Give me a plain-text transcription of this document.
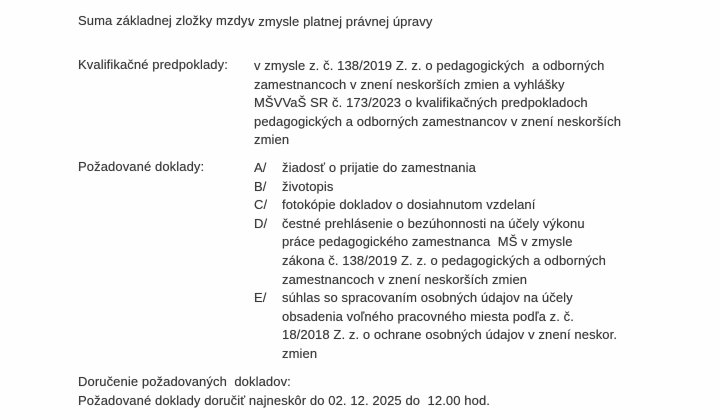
Suma základnej zložky mzdy:
v zmysle platnej právnej úpravy
Kvalifikačné predpoklady: v zmysle z. č. 138/2019 Z. z. o pedagogických  a odborných
zamestnancoch v znení neskorších zmien a vyhlášky
MŠVVaŠ SR č. 173/2023 o kvalifikačných predpokladoch
pedagogických a odborných zamestnancov v znení neskorších
zmien
Požadované doklady:	A/	žiadosť o prijatie do zamestnania
B/	životopis
C/	fotokópie dokladov o dosiahnutom vzdelaní
D/	čestné prehlásenie o bezúhonnosti na účely výkonu
práce pedagogického zamestnanca  MŠ v zmysle
zákona č. 138/2019 Z. z. o pedagogických a odborných
zamestnancoch v znení neskorších zmien
E/	súhlas so spracovaním osobných údajov na účely
obsadenia voľného pracovného miesta podľa z. č.
18/2018 Z. z. o ochrane osobných údajov v znení neskor.
zmien
Doručenie požadovaných  dokladov:
Požadované doklady doručiť najneskôr do 02. 12. 2025 do  12.00 hod.
